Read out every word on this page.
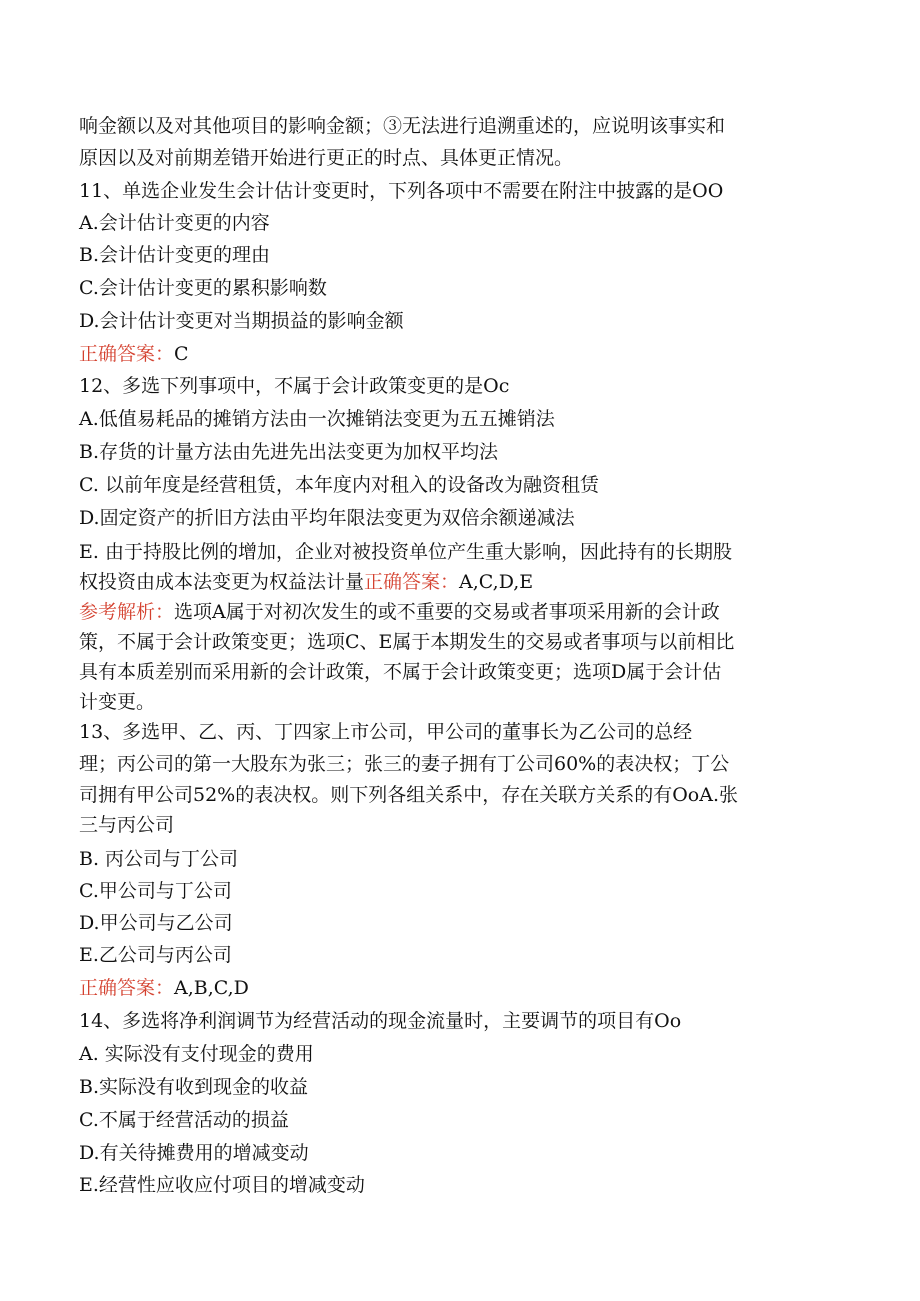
响金额以及对其他项目的影响金额；③无法进行追溯重述的，应说明该事实和
原因以及对前期差错开始进行更正的时点、具体更正情况。
11、单选企业发生会计估计变更时，下列各项中不需要在附注中披露的是OO
A.会计估计变更的内容
B.会计估计变更的理由
C.会计估计变更的累积影响数
D.会计估计变更对当期损益的影响金额
正确答案：C
12、多选下列事项中，不属于会计政策变更的是Oc
A.低值易耗品的摊销方法由一次摊销法变更为五五摊销法
B.存货的计量方法由先进先出法变更为加权平均法
C. 以前年度是经营租赁，本年度内对租入的设备改为融资租赁
D.固定资产的折旧方法由平均年限法变更为双倍余额递减法
E. 由于持股比例的增加，企业对被投资单位产生重大影响，因此持有的长期股
权投资由成本法变更为权益法计量正确答案：A,C,D,E
参考解析：选项A属于对初次发生的或不重要的交易或者事项采用新的会计政
策，不属于会计政策变更；选项C、E属于本期发生的交易或者事项与以前相比
具有本质差别而采用新的会计政策，不属于会计政策变更；选项D属于会计估
计变更。
13、多选甲、乙、丙、丁四家上市公司，甲公司的董事长为乙公司的总经
理；丙公司的第一大股东为张三；张三的妻子拥有丁公司60%的表决权；丁公
司拥有甲公司52%的表决权。则下列各组关系中，存在关联方关系的有OoA.张
三与丙公司
B. 丙公司与丁公司
C.甲公司与丁公司
D.甲公司与乙公司
E.乙公司与丙公司
正确答案：A,B,C,D
14、多选将净利润调节为经营活动的现金流量时，主要调节的项目有Oo
A. 实际没有支付现金的费用
B.实际没有收到现金的收益
C.不属于经营活动的损益
D.有关待摊费用的增减变动
E.经营性应收应付项目的增减变动
